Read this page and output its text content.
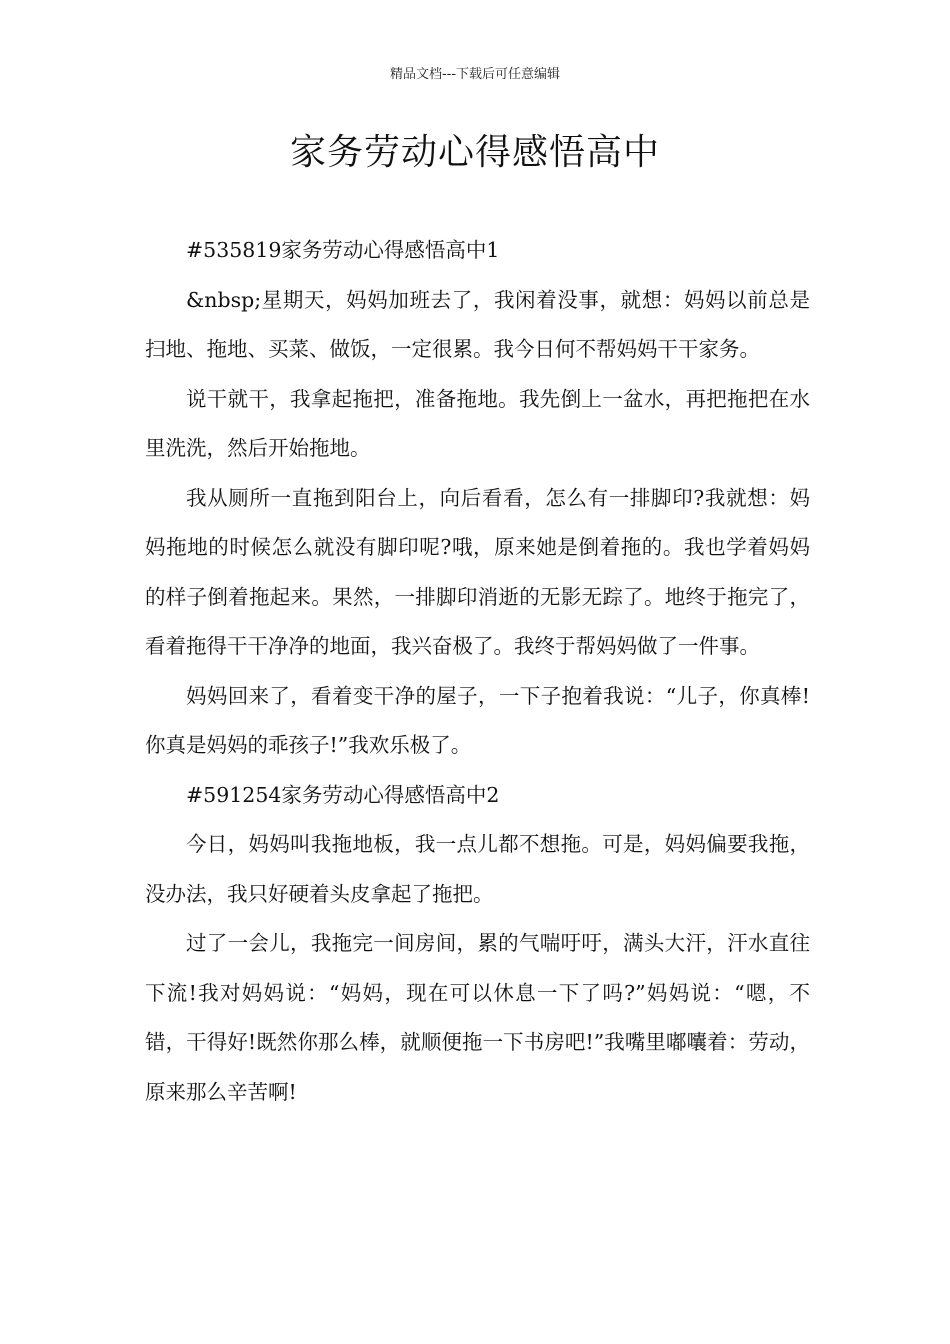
精品文档---下载后可任意编辑
家务劳动心得感悟高中

#535819家务劳动心得感悟高中1

&nbsp;星期天，妈妈加班去了，我闲着没事，就想：妈妈以前总是扫地、拖地、买菜、做饭，一定很累。我今日何不帮妈妈干干家务。

说干就干，我拿起拖把，准备拖地。我先倒上一盆水，再把拖把在水里洗洗，然后开始拖地。

我从厕所一直拖到阳台上，向后看看，怎么有一排脚印?我就想：妈妈拖地的时候怎么就没有脚印呢?哦，原来她是倒着拖的。我也学着妈妈的样子倒着拖起来。果然，一排脚印消逝的无影无踪了。地终于拖完了，看着拖得干干净净的地面，我兴奋极了。我终于帮妈妈做了一件事。

妈妈回来了，看着变干净的屋子，一下子抱着我说：“儿子，你真棒!你真是妈妈的乖孩子!”我欢乐极了。

#591254家务劳动心得感悟高中2

今日，妈妈叫我拖地板，我一点儿都不想拖。可是，妈妈偏要我拖，没办法，我只好硬着头皮拿起了拖把。

过了一会儿，我拖完一间房间，累的气喘吁吁，满头大汗，汗水直往下流!我对妈妈说：“妈妈，现在可以休息一下了吗?”妈妈说：“嗯，不错，干得好!既然你那么棒，就顺便拖一下书房吧!”我嘴里嘟囔着：劳动，原来那么辛苦啊!
